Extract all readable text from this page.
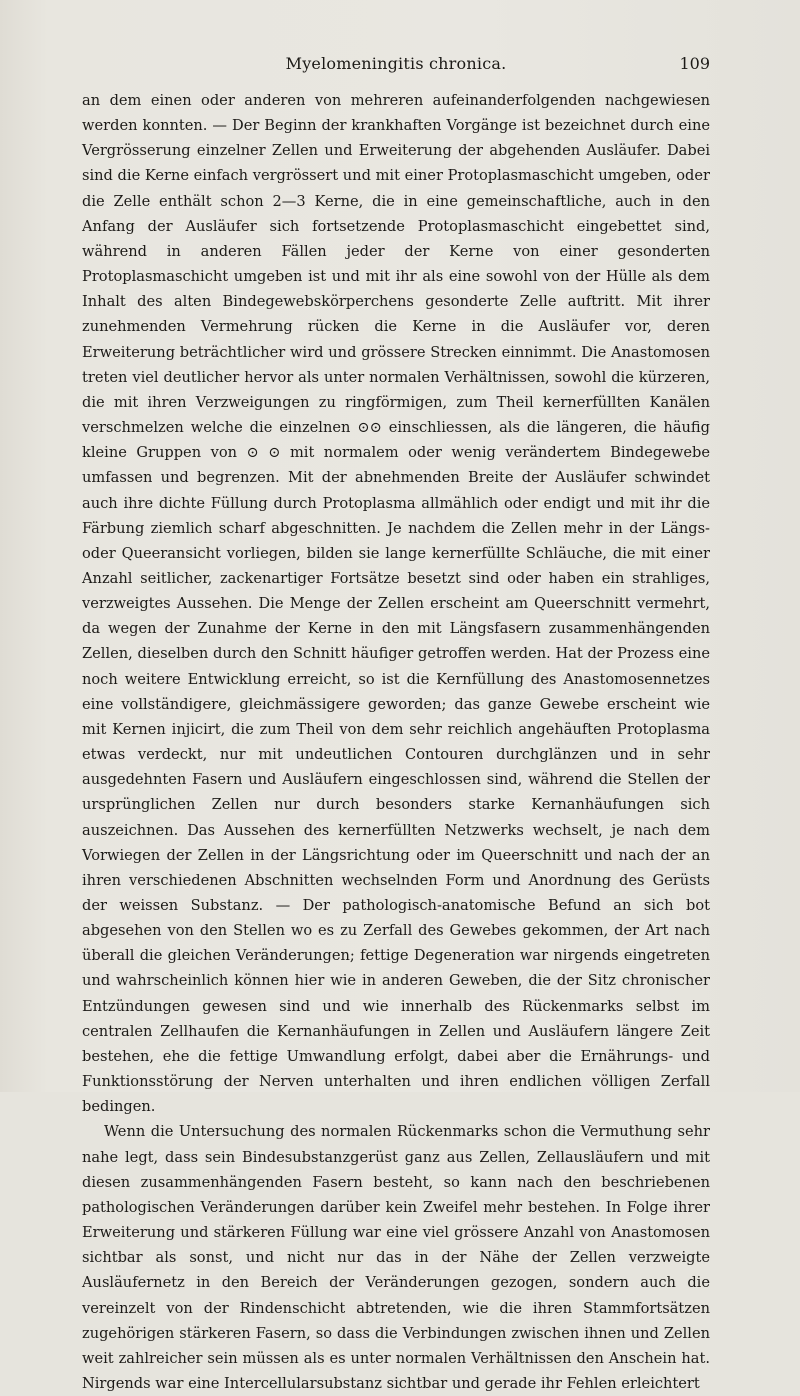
Myelomeningitis chronica.	109

an dem einen oder anderen von mehreren aufeinanderfolgenden nachgewiesen werden konnten. — Der Beginn der krankhaften Vorgänge ist bezeichnet durch eine Vergrösserung einzelner Zellen und Erweiterung der abgehenden Ausläufer. Dabei sind die Kerne einfach vergrössert und mit einer Protoplasmaschicht umgeben, oder die Zelle enthält schon 2—3 Kerne, die in eine gemeinschaftliche, auch in den Anfang der Ausläufer sich fortsetzende Protoplasmaschicht eingebettet sind, während in anderen Fällen jeder der Kerne von einer gesonderten Protoplasmaschicht umgeben ist und mit ihr als eine sowohl von der Hülle als dem Inhalt des alten Bindegewebskörperchens gesonderte Zelle auftritt. Mit ihrer zunehmenden Vermehrung rücken die Kerne in die Ausläufer vor, deren Erweiterung beträchtlicher wird und grössere Strecken einnimmt. Die Anastomosen treten viel deutlicher hervor als unter normalen Verhältnissen, sowohl die kürzeren, die mit ihren Verzweigungen zu ringförmigen, zum Theil kernerfüllten Kanälen verschmelzen welche die einzelnen ⊙⊙ einschliessen, als die längeren, die häufig kleine Gruppen von ⊙ ⊙ mit normalem oder wenig verändertem Bindegewebe umfassen und begrenzen. Mit der abnehmenden Breite der Ausläufer schwindet auch ihre dichte Füllung durch Protoplasma allmählich oder endigt und mit ihr die Färbung ziemlich scharf abgeschnitten. Je nachdem die Zellen mehr in der Längs- oder Queeransicht vorliegen, bilden sie lange kernerfüllte Schläuche, die mit einer Anzahl seitlicher, zackenartiger Fortsätze besetzt sind oder haben ein strahliges, verzweigtes Aussehen. Die Menge der Zellen erscheint am Queerschnitt vermehrt, da wegen der Zunahme der Kerne in den mit Längsfasern zusammenhängenden Zellen, dieselben durch den Schnitt häufiger getroffen werden. Hat der Prozess eine noch weitere Entwicklung erreicht, so ist die Kernfüllung des Anastomosennetzes eine vollständigere, gleichmässigere geworden; das ganze Gewebe erscheint wie mit Kernen injicirt, die zum Theil von dem sehr reichlich angehäuften Protoplasma etwas verdeckt, nur mit undeutlichen Contouren durchglänzen und in sehr ausgedehnten Fasern und Ausläufern eingeschlossen sind, während die Stellen der ursprünglichen Zellen nur durch besonders starke Kernanhäufungen sich auszeichnen. Das Aussehen des kernerfüllten Netzwerks wechselt, je nach dem Vorwiegen der Zellen in der Längsrichtung oder im Queerschnitt und nach der an ihren verschiedenen Abschnitten wechselnden Form und Anordnung des Gerüsts der weissen Substanz. — Der pathologisch-anatomische Befund an sich bot abgesehen von den Stellen wo es zu Zerfall des Gewebes gekommen, der Art nach überall die gleichen Veränderungen; fettige Degeneration war nirgends eingetreten und wahrscheinlich können hier wie in anderen Geweben, die der Sitz chronischer Entzündungen gewesen sind und wie innerhalb des Rückenmarks selbst im centralen Zellhaufen die Kernanhäufungen in Zellen und Ausläufern längere Zeit bestehen, ehe die fettige Umwandlung erfolgt, dabei aber die Ernährungs- und Funktionsstörung der Nerven unterhalten und ihren endlichen völligen Zerfall bedingen.

Wenn die Untersuchung des normalen Rückenmarks schon die Vermuthung sehr nahe legt, dass sein Bindesubstanzgerüst ganz aus Zellen, Zellausläufern und mit diesen zusammenhängenden Fasern besteht, so kann nach den beschriebenen pathologischen Veränderungen darüber kein Zweifel mehr bestehen. In Folge ihrer Erweiterung und stärkeren Füllung war eine viel grössere Anzahl von Anastomosen sichtbar als sonst, und nicht nur das in der Nähe der Zellen verzweigte Ausläufernetz in den Bereich der Veränderungen gezogen, sondern auch die vereinzelt von der Rindenschicht abtretenden, wie die ihren Stammfortsätzen zugehörigen stärkeren Fasern, so dass die Verbindungen zwischen ihnen und Zellen weit zahlreicher sein müssen als es unter normalen Verhältnissen den Anschein hat. Nirgends war eine Intercellularsubstanz sichtbar und gerade ihr Fehlen erleichtert
